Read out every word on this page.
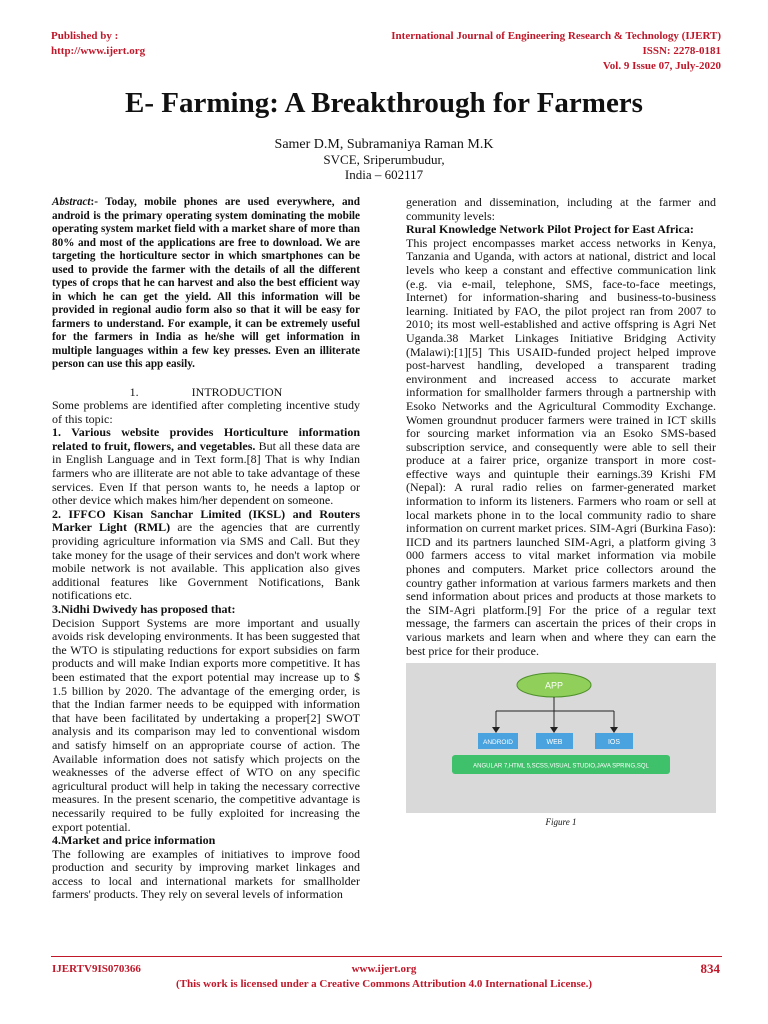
Published by :
http://www.ijert.org
International Journal of Engineering Research & Technology (IJERT)
ISSN: 2278-0181
Vol. 9 Issue 07, July-2020
E- Farming: A Breakthrough for Farmers
Samer D.M, Subramaniya Raman M.K
SVCE, Sriperumbudur,
India – 602117

Abstract:- Today, mobile phones are used everywhere, and android is the primary operating system dominating the mobile operating system market field with a market share of more than 80% and most of the applications are free to download. We are targeting the horticulture sector in which smartphones can be used to provide the farmer with the details of all the different types of crops that he can harvest and also the best efficient way in which he can get the yield. All this information will be provided in regional audio form also so that it will be easy for farmers to understand. For example, it can be extremely useful for the farmers in India as he/she will get information in multiple languages within a few key presses. Even an illiterate person can use this app easily.

1.	INTRODUCTION

Some problems are identified after completing incentive study of this topic:

1. Various website provides Horticulture information related to fruit, flowers, and vegetables. But all these data are in English Language and in Text form.[8] That is why Indian farmers who are illiterate are not able to take advantage of these services. Even If that person wants to, he needs a laptop or other device which makes him/her dependent on someone.

2. IFFCO Kisan Sanchar Limited (IKSL) and Routers Marker Light (RML) are the agencies that are currently providing agriculture information via SMS and Call. But they take money for the usage of their services and don't work where mobile network is not available. This application also gives additional features like Government Notifications, Bank notifications etc.

3.Nidhi Dwivedy has proposed that:

Decision Support Systems are more important and usually avoids risk developing environments. It has been suggested that the WTO is stipulating reductions for export subsidies on farm products and will make Indian exports more competitive. It has been estimated that the export potential may increase up to $ 1.5 billion by 2020. The advantage of the emerging order, is that the Indian farmer needs to be equipped with information that have been facilitated by undertaking a proper[2] SWOT analysis and its comparison may led to conventional wisdom and satisfy himself on an appropriate course of action. The Available information does not satisfy which projects on the weaknesses of the adverse effect of WTO on any specific agricultural product will help in taking the necessary corrective measures. In the present scenario, the competitive advantage is necessarily required to be fully exploited for increasing the export potential.

4.Market and price information

The following are examples of initiatives to improve food production and security by improving market linkages and access to local and international markets for smallholder farmers' products. They rely on several levels of information

generation and dissemination, including at the farmer and community levels:

Rural Knowledge Network Pilot Project for East Africa:

This project encompasses market access networks in Kenya, Tanzania and Uganda, with actors at national, district and local levels who keep a constant and effective communication link (e.g. via e-mail, telephone, SMS, face-to-face meetings, Internet) for information-sharing and business-to-business learning. Initiated by FAO, the pilot project ran from 2007 to 2010; its most well-established and active offspring is Agri Net Uganda.38 Market Linkages Initiative Bridging Activity (Malawi):[1][5] This USAID-funded project helped improve post-harvest handling, developed a transparent trading environment and increased access to accurate market information for smallholder farmers through a partnership with Esoko Networks and the Agricultural Commodity Exchange. Women groundnut producer farmers were trained in ICT skills for sourcing market information via an Esoko SMS-based subscription service, and consequently were able to sell their produce at a fairer price, organize transport in more cost-effective ways and quintuple their earnings.39 Krishi FM (Nepal): A rural radio relies on farmer-generated market information to inform its listeners. Farmers who roam or sell at local markets phone in to the local community radio to share information on current market prices. SIM-Agri (Burkina Faso): IICD and its partners launched SIM-Agri, a platform giving 3 000 farmers access to vital market information via mobile phones and computers. Market price collectors around the country gather information at various farmers markets and then send information about prices and products at those markets to the SIM-Agri platform.[9] For the price of a regular text message, the farmers can ascertain the prices of their crops in various markets and learn when and where they can earn the best price for their produce.

APP
ANDROID	WEB	IOS
ANGULAR 7,HTML 5,SCSS,VISUAL STUDIO,JAVA SPRING,SQL
Figure 1
IJERTV9IS070366	www.ijert.org	834
(This work is licensed under a Creative Commons Attribution 4.0 International License.)
